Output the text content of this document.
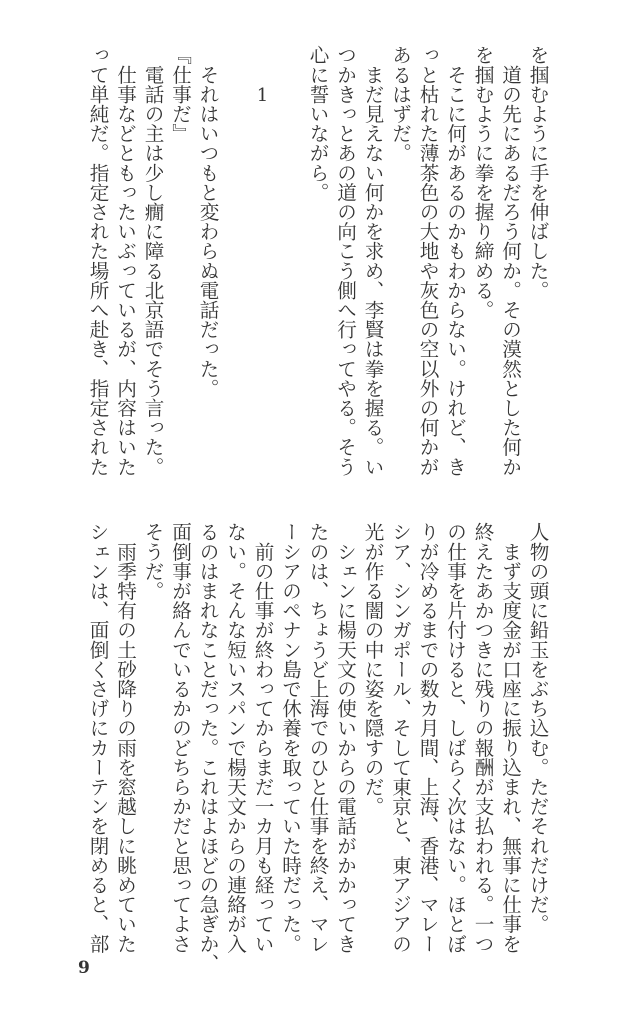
を掴むように手を伸ばした。
　道の先にあるだろう何か。その漠然とした何か
を掴むように拳を握り締める。
　そこに何があるのかもわからない。けれど、き
っと枯れた薄茶色の大地や灰色の空以外の何かが
あるはずだ。
　まだ見えない何かを求め、李賢は拳を握る。い
つかきっとあの道の向こう側へ行ってやる。そう
心に誓いながら。
1
　それはいつもと変わらぬ電話だった。
『仕事だ』
　電話の主は少し癇に障る北京語でそう言った。
　仕事などともったいぶっているが、内容はいた
って単純だ。指定された場所へ赴き、指定された
人物の頭に鉛玉をぶち込む。ただそれだけだ。
　まず支度金が口座に振り込まれ、無事に仕事を
終えたあかつきに残りの報酬が支払われる。一つ
の仕事を片付けると、しばらく次はない。ほとぼ
りが冷めるまでの数カ月間、上海、香港、マレー
シア、シンガポール、そして東京と、東アジアの
光が作る闇の中に姿を隠すのだ。
　シェンに楊天文の使いからの電話がかかってき
たのは、ちょうど上海でのひと仕事を終え、マレ
ーシアのペナン島で休養を取っていた時だった。
　前の仕事が終わってからまだ一カ月も経ってい
ない。そんな短いスパンで楊天文からの連絡が入
るのはまれなことだった。これはよほどの急ぎか、
面倒事が絡んでいるかのどちらかだと思ってよさ
そうだ。
　雨季特有の土砂降りの雨を窓越しに眺めていた
シェンは、面倒くさげにカーテンを閉めると、部
9
